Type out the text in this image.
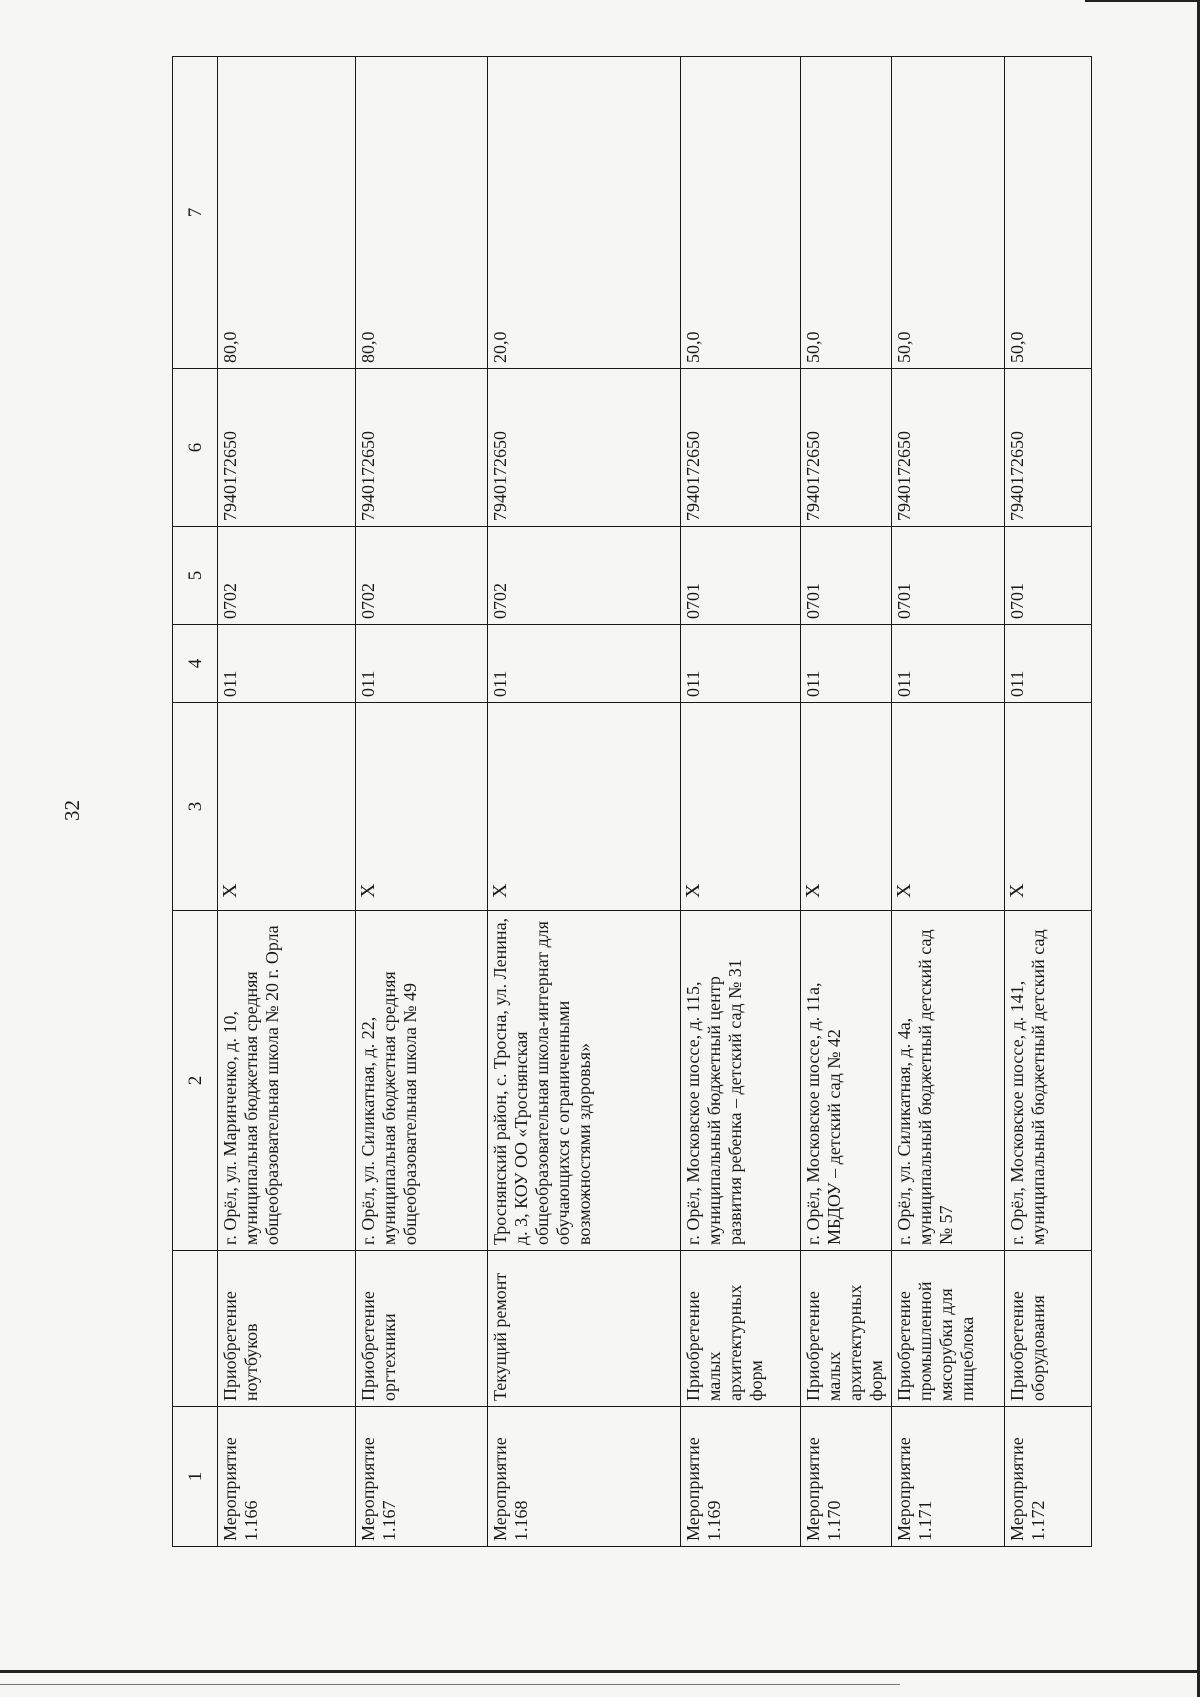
32
1		2	3	4	5	6	7
Мероприятие 1.166	Приобретение ноутбуков	г. Орёл, ул. Маринченко, д. 10, муниципальная бюджетная средняя общеобразовательная школа № 20 г. Орла	Х	011	0702	7940172650	80,0
Мероприятие 1.167	Приобретение оргтехники	г. Орёл, ул. Силикатная, д. 22, муниципальная бюджетная средняя общеобразовательная школа № 49	Х	011	0702	7940172650	80,0
Мероприятие 1.168	Текущий ремонт	Троснянский район, с. Тросна, ул. Ленина, д. 3, КОУ ОО «Троснянская общеобразовательная школа-интернат для обучающихся с ограниченными возможностями здоровья»	Х	011	0702	7940172650	20,0
Мероприятие 1.169	Приобретение малых архитектурных форм	г. Орёл, Московское шоссе, д. 115, муниципальный бюджетный центр развития ребенка – детский сад № 31	Х	011	0701	7940172650	50,0
Мероприятие 1.170	Приобретение малых архитектурных форм	г. Орёл, Московское шоссе, д. 11а, МБДОУ – детский сад № 42	Х	011	0701	7940172650	50,0
Мероприятие 1.171	Приобретение промышленной мясорубки для пищеблока	г. Орёл, ул. Силикатная, д. 4а, муниципальный бюджетный детский сад № 57	Х	011	0701	7940172650	50,0
Мероприятие 1.172	Приобретение оборудования	г. Орёл, Московское шоссе, д. 141, муниципальный бюджетный детский сад	Х	011	0701	7940172650	50,0
